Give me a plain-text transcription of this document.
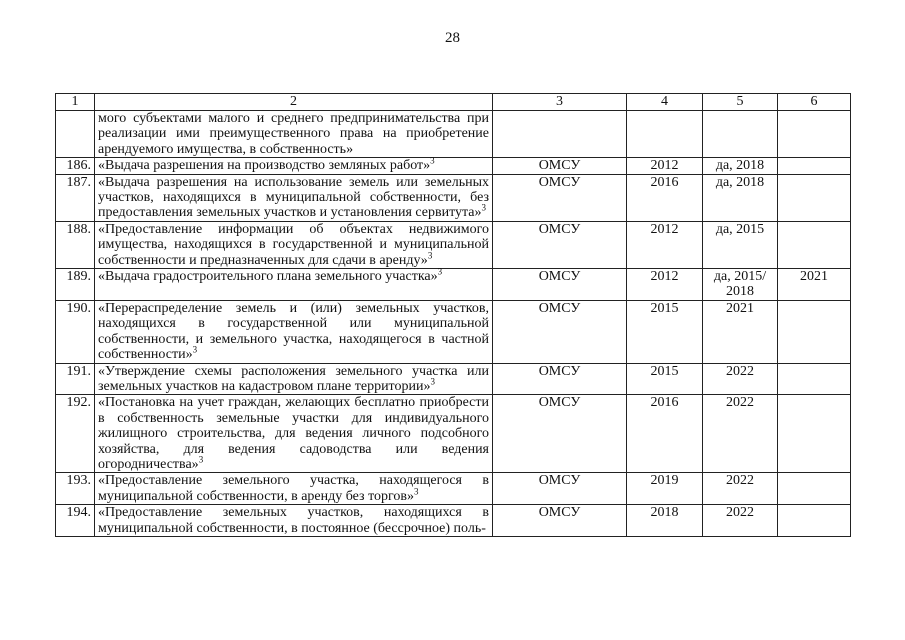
28
1	2	3	4	5	6
	мого субъектами малого и среднего предпринимательства при реализации ими преимущественного права на приобретение арендуемого имущества, в собственность»				
186.	«Выдача разрешения на производство земляных работ»$^3$	ОМСУ	2012	да, 2018	
187.	«Выдача разрешения на использование земель или земельных участков, находящихся в муниципальной собственности, без предоставления земельных участков и установления сервитута»$^3$	ОМСУ	2016	да, 2018	
188.	«Предоставление информации об объектах недвижимого имущества, находящихся в государственной и муниципальной собственности и предназначенных для сдачи в аренду»$^3$	ОМСУ	2012	да, 2015	
189.	«Выдача градостроительного плана земельного участка»$^3$	ОМСУ	2012	да, 2015/ 2018	2021
190.	«Перераспределение земель и (или) земельных участков, находящихся в государственной или муниципальной собственности, и земельного участка, находящегося в частной собственности»$^3$	ОМСУ	2015	2021	
191.	«Утверждение схемы расположения земельного участка или земельных участков на кадастровом плане территории»$^3$	ОМСУ	2015	2022	
192.	«Постановка на учет граждан, желающих бесплатно приобрести в собственность земельные участки для индивидуального жилищного строительства, для ведения личного подсобного хозяйства, для ведения садоводства или ведения огородничества»$^3$	ОМСУ	2016	2022	
193.	«Предоставление земельного участка, находящегося в муниципальной собственности, в аренду без торгов»$^3$	ОМСУ	2019	2022	
194.	«Предоставление земельных участков, находящихся в муниципальной собственности, в постоянное (бессрочное) поль-	ОМСУ	2018	2022	
